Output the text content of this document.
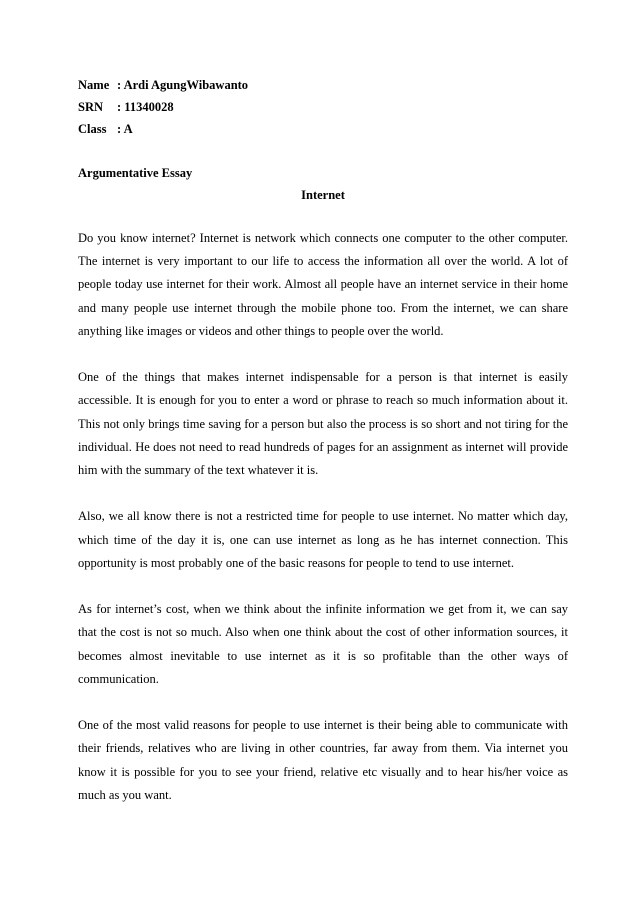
Name : Ardi AgungWibawanto
SRN : 11340028
Class : A
Argumentative Essay
Internet

Do you know internet? Internet is network which connects one computer to the other computer. The internet is very important to our life to access the information all over the world. A lot of people today use internet for their work. Almost all people have an internet service in their home and many people use internet through the mobile phone too. From the internet, we can share anything like images or videos and other things to people over the world.

One of the things that makes internet indispensable for a person is that internet is easily accessible. It is enough for you to enter a word or phrase to reach so much information about it. This not only brings time saving for a person but also the process is so short and not tiring for the individual. He does not need to read hundreds of pages for an assignment as internet will provide him with the summary of the text whatever it is.

Also, we all know there is not a restricted time for people to use internet. No matter which day, which time of the day it is, one can use internet as long as he has internet connection. This opportunity is most probably one of the basic reasons for people to tend to use internet.

As for internet’s cost, when we think about the infinite information we get from it, we can say that the cost is not so much. Also when one think about the cost of other information sources, it becomes almost inevitable to use internet as it is so profitable than the other ways of communication.

One of the most valid reasons for people to use internet is their being able to communicate with their friends, relatives who are living in other countries, far away from them. Via internet you know it is possible for you to see your friend, relative etc visually and to hear his/her voice as much as you want.
